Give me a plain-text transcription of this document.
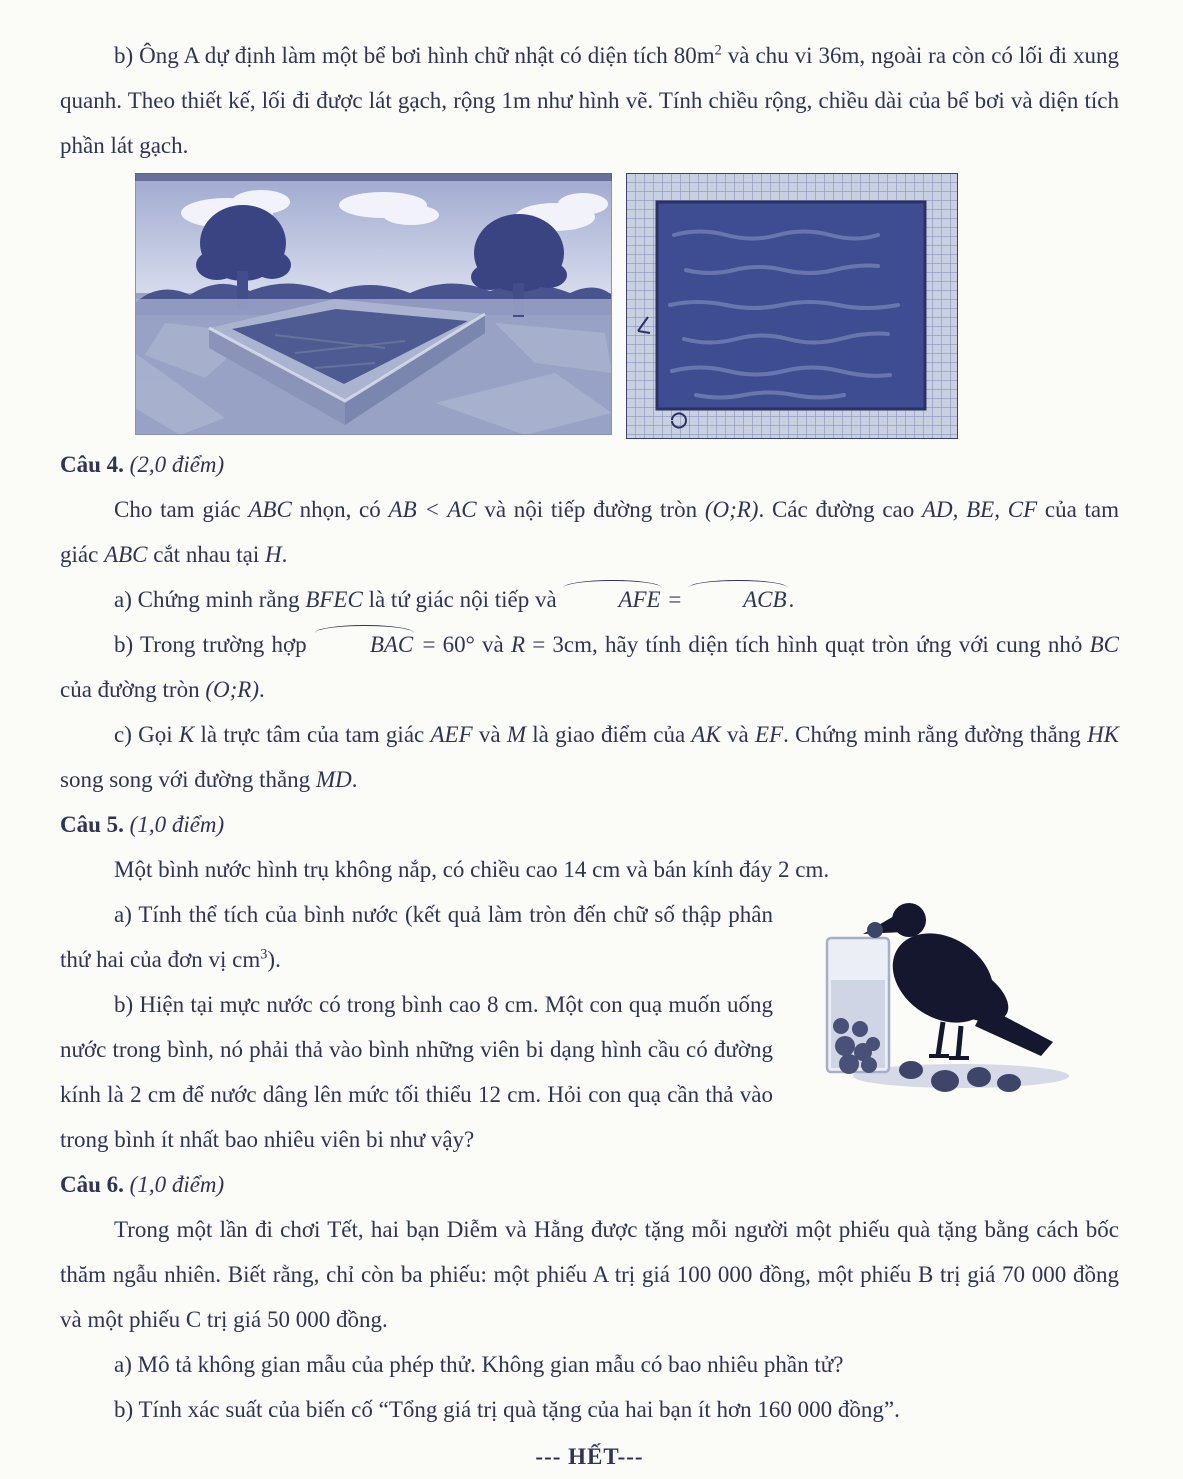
b) Ông A dự định làm một bể bơi hình chữ nhật có diện tích $80m^2$ và chu vi 36m, ngoài ra còn có lối đi xung quanh. Theo thiết kế, lối đi được lát gạch, rộng 1m như hình vẽ. Tính chiều rộng, chiều dài của bể bơi và diện tích phần lát gạch.

Câu 4. (2,0 điểm)

Cho tam giác ABC nhọn, có AB < AC và nội tiếp đường tròn (O;R). Các đường cao AD, BE, CF của tam giác ABC cắt nhau tại H.

a) Chứng minh rằng BFEC là tứ giác nội tiếp và AFE = ACB.

b) Trong trường hợp BAC = 60° và R = 3cm, hãy tính diện tích hình quạt tròn ứng với cung nhỏ BC của đường tròn (O;R).

c) Gọi K là trực tâm của tam giác AEF và M là giao điểm của AK và EF. Chứng minh rằng đường thẳng HK song song với đường thẳng MD.

Câu 5. (1,0 điểm)

Một bình nước hình trụ không nắp, có chiều cao 14 cm và bán kính đáy 2 cm.

a) Tính thể tích của bình nước (kết quả làm tròn đến chữ số thập phân thứ hai của đơn vị $cm^3$).

b) Hiện tại mực nước có trong bình cao 8 cm. Một con quạ muốn uống nước trong bình, nó phải thả vào bình những viên bi dạng hình cầu có đường kính là 2 cm để nước dâng lên mức tối thiểu 12 cm. Hỏi con quạ cần thả vào trong bình ít nhất bao nhiêu viên bi như vậy?

Câu 6. (1,0 điểm)

Trong một lần đi chơi Tết, hai bạn Diễm và Hằng được tặng mỗi người một phiếu quà tặng bằng cách bốc thăm ngẫu nhiên. Biết rằng, chỉ còn ba phiếu: một phiếu A trị giá 100 000 đồng, một phiếu B trị giá 70 000 đồng và một phiếu C trị giá 50 000 đồng.

a) Mô tả không gian mẫu của phép thử. Không gian mẫu có bao nhiêu phần tử?

b) Tính xác suất của biến cố “Tổng giá trị quà tặng của hai bạn ít hơn 160 000 đồng”.

--- HẾT---
